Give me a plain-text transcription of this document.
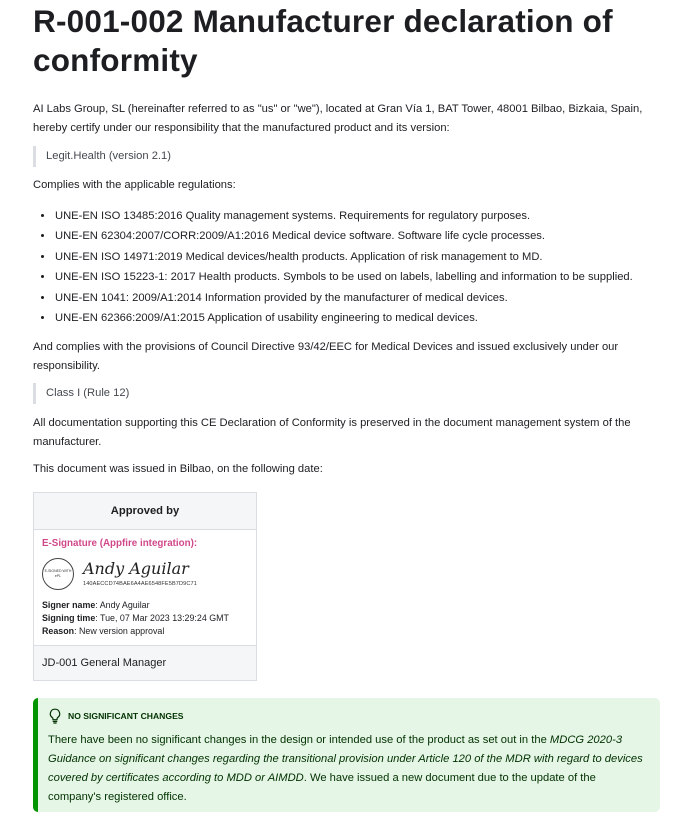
R-001-002 Manufacturer declaration of conformity

AI Labs Group, SL (hereinafter referred to as "us" or "we"), located at Gran Vía 1, BAT Tower, 48001 Bilbao, Bizkaia, Spain, hereby certify under our responsibility that the manufactured product and its version:

Legit.Health (version 2.1)

Complies with the applicable regulations:

• UNE-EN ISO 13485:2016 Quality management systems. Requirements for regulatory purposes.
• UNE-EN 62304:2007/CORR:2009/A1:2016 Medical device software. Software life cycle processes.
• UNE-EN ISO 14971:2019 Medical devices/health products. Application of risk management to MD.
• UNE-EN ISO 15223-1: 2017 Health products. Symbols to be used on labels, labelling and information to be supplied.
• UNE-EN 1041: 2009/A1:2014 Information provided by the manufacturer of medical devices.
• UNE-EN 62366:2009/A1:2015 Application of usability engineering to medical devices.

And complies with the provisions of Council Directive 93/42/EEC for Medical Devices and issued exclusively under our responsibility.

Class I (Rule 12)

All documentation supporting this CE Declaration of Conformity is preserved in the document management system of the manufacturer.

This document was issued in Bilbao, on the following date:

Approved by

E-Signature (Appfire integration):
E-SIGNED WITH
ePL Andy Aguilar
140AECCD74BAE6A4AE6548FE5B7D9C71
Signer name: Andy Aguilar
Signing time: Tue, 07 Mar 2023 13:29:24 GMT
Reason: New version approval

JD-001 General Manager
NO SIGNIFICANT CHANGES
There have been no significant changes in the design or intended use of the product as set out in the MDCG 2020-3 Guidance on significant changes regarding the transitional provision under Article 120 of the MDR with regard to devices covered by certificates according to MDD or AIMDD. We have issued a new document due to the update of the company's registered office.
